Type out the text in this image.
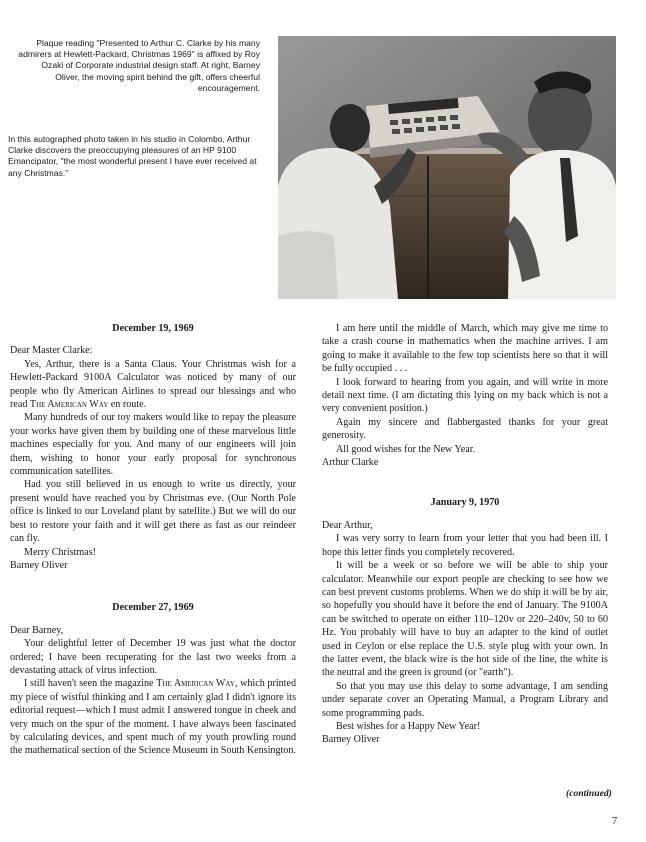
Plaque reading "Presented to Arthur C. Clarke by his many admirers at Hewlett-Packard, Christmas 1969" is affixed by Roy Ozaki of Corporate industrial design staff. At right, Barney Oliver, the moving spirit behind the gift, offers cheerful encouragement.
In this autographed photo taken in his studio in Colombo, Arthur Clarke discovers the preoccupying pleasures of an HP 9100 Emancipator, "the most wonderful present I have ever received at any Christmas."
December 19, 1969

Dear Master Clarke:

Yes, Arthur, there is a Santa Claus. Your Christmas wish for a Hewlett-Packard 9100A Calculator was noticed by many of our people who fly American Airlines to spread our blessings and who read The American Way en route.

Many hundreds of our toy makers would like to repay the pleasure your works have given them by building one of these marvelous little machines especially for you. And many of our engineers will join them, wishing to honor your early proposal for synchronous communication satellites.

Had you still believed in us enough to write us directly, your present would have reached you by Christmas eve. (Our North Pole office is linked to our Loveland plant by satellite.) But we will do our best to restore your faith and it will get there as fast as our reindeer can fly.

Merry Christmas!

Barney Oliver

December 27, 1969

Dear Barney,

Your delightful letter of December 19 was just what the doctor ordered; I have been recuperating for the last two weeks from a devastating attack of virus infection.

I still haven't seen the magazine The American Way, which printed my piece of wistful thinking and I am certainly glad I didn't ignore its editorial request—which I must admit I answered tongue in cheek and very much on the spur of the moment. I have always been fascinated by calculating devices, and spent much of my youth prowling round the mathematical section of the Science Museum in South Kensington.

I am here until the middle of March, which may give me time to take a crash course in mathematics when the machine arrives. I am going to make it available to the few top scientists here so that it will be fully occupied . . .

I look forward to hearing from you again, and will write in more detail next time. (I am dictating this lying on my back which is not a very convenient position.)

Again my sincere and flabbergasted thanks for your great generosity.

All good wishes for the New Year.

Arthur Clarke

January 9, 1970

Dear Arthur,

I was very sorry to learn from your letter that you had been ill. I hope this letter finds you completely recovered.

It will be a week or so before we will be able to ship your calculator. Meanwhile our export people are checking to see how we can best prevent customs problems. When we do ship it will be by air, so hopefully you should have it before the end of January. The 9100A can be switched to operate on either 110–120v or 220–240v, 50 to 60 Hz. You probably will have to buy an adapter to the kind of outlet used in Ceylon or else replace the U.S. style plug with your own. In the latter event, the black wire is the hot side of the line, the white is the neutral and the green is ground (or "earth").

So that you may use this delay to some advantage, I am sending under separate cover an Operating Manual, a Program Library and some programming pads.

Best wishes for a Happy New Year!

Barney Oliver

(continued)
7
